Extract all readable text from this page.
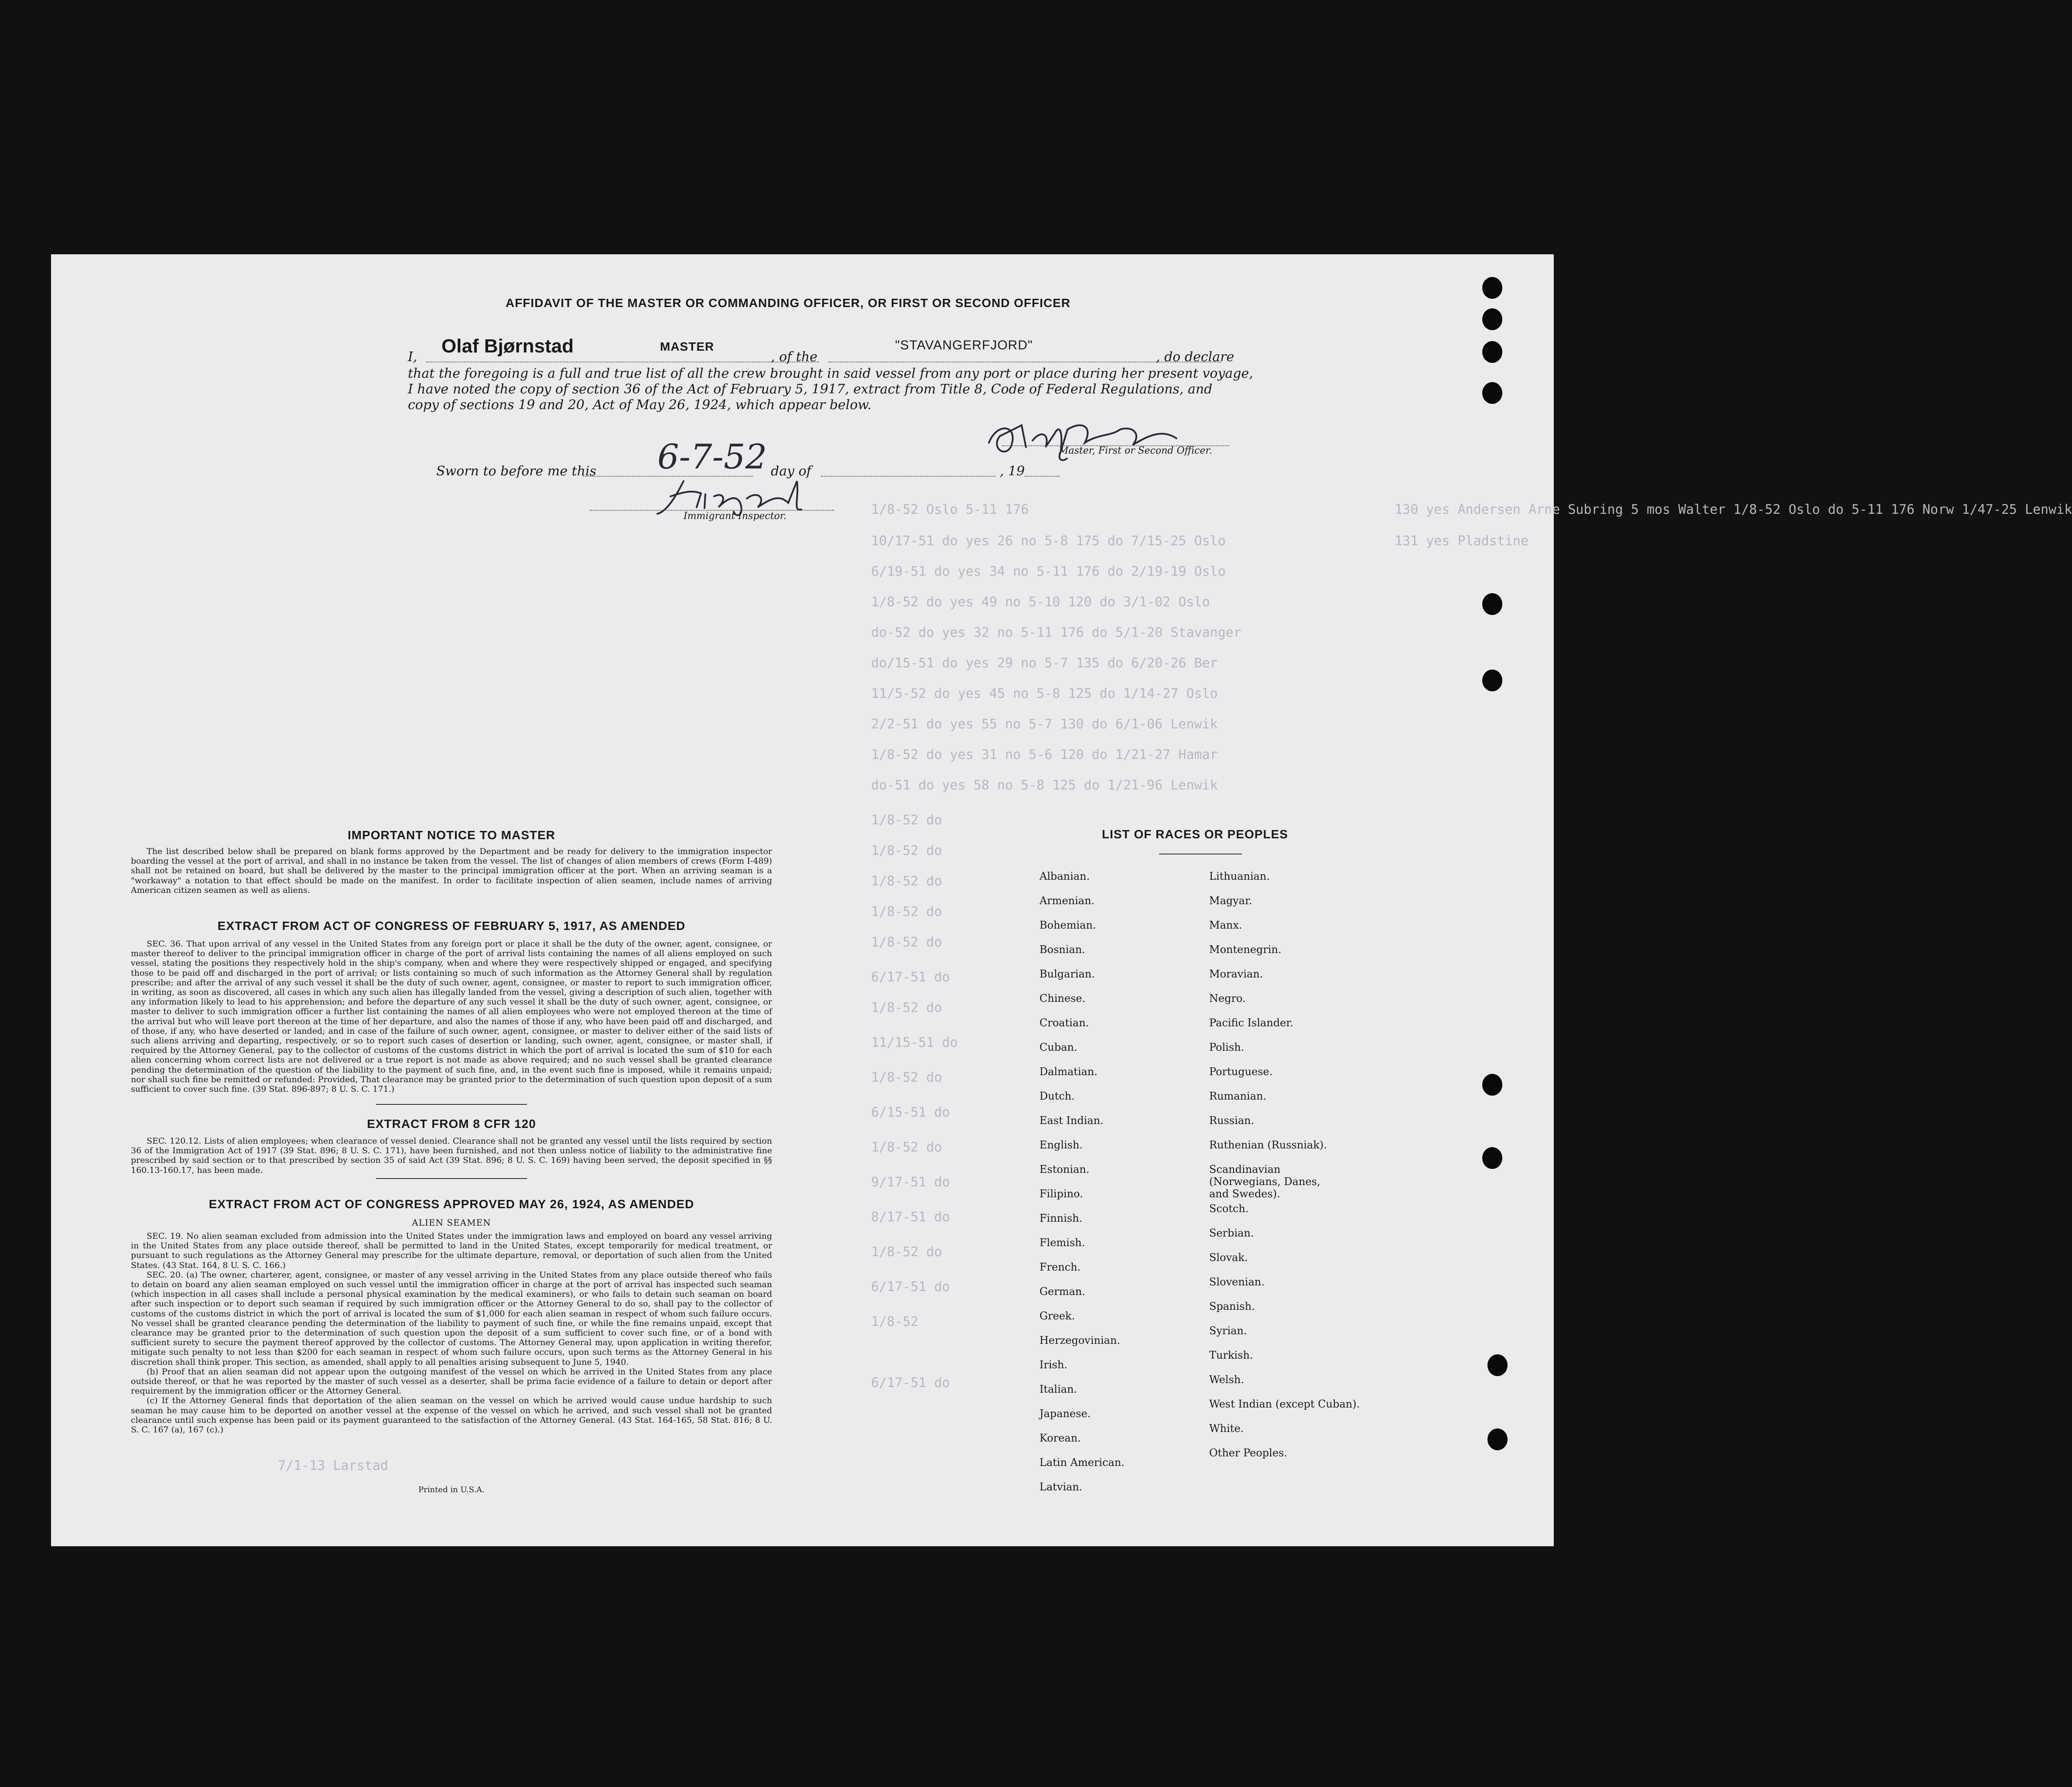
130 yes Andersen Arne Subring 5 mos Walter 1/8-52 Oslo do 5-11 176 Norw 1/47-25 Lenwik
131 yes Pladstine
1/8-52 Oslo 5-11 176
10/17-51 do yes 26 no 5-8 175 do 7/15-25 Oslo
6/19-51 do yes 34 no 5-11 176 do 2/19-19 Oslo
1/8-52 do yes 49 no 5-10 120 do 3/1-02 Oslo
do-52 do yes 32 no 5-11 176 do 5/1-20 Stavanger
do/15-51 do yes 29 no 5-7 135 do 6/20-26 Ber
11/5-52 do yes 45 no 5-8 125 do 1/14-27 Oslo
2/2-51 do yes 55 no 5-7 130 do 6/1-06 Lenwik
1/8-52 do yes 31 no 5-6 120 do 1/21-27 Hamar
do-51 do yes 58 no 5-8 125 do 1/21-96 Lenwik
1/8-52 do
1/8-52 do
1/8-52 do
1/8-52 do
1/8-52 do
6/17-51 do
1/8-52 do
11/15-51 do
1/8-52 do
6/15-51 do
1/8-52 do
9/17-51 do
8/17-51 do
1/8-52 do
6/17-51 do
1/8-52
6/17-51 do
7/1-13 Larstad
AFFIDAVIT OF THE MASTER OR COMMANDING OFFICER, OR FIRST OR SECOND OFFICER
I,
Olaf Bjørnstad	MASTER
, of the
"STAVANGERFJORD"
, do declare
that the foregoing is a full and true list of all the crew brought in said vessel from any port or place during her present voyage,
I have noted the copy of section 36 of the Act of February 5, 1917, extract from Title 8, Code of Federal Regulations, and
copy of sections 19 and 20, Act of May 26, 1924, which appear below.
Master, First or Second Officer.
Sworn to before me this 6-7-52 day of	, 19
Immigrant Inspector.
IMPORTANT NOTICE TO MASTER

The list described below shall be prepared on blank forms approved by the Department and be ready for delivery to the immigration inspector boarding the vessel at the port of arrival, and shall in no instance be taken from the vessel. The list of changes of alien members of crews (Form I-489) shall not be retained on board, but shall be delivered by the master to the principal immigration officer at the port. When an arriving seaman is a "workaway" a notation to that effect should be made on the manifest. In order to facilitate inspection of alien seamen, include names of arriving American citizen seamen as well as aliens.

EXTRACT FROM ACT OF CONGRESS OF FEBRUARY 5, 1917, AS AMENDED

SEC. 36. That upon arrival of any vessel in the United States from any foreign port or place it shall be the duty of the owner, agent, consignee, or master thereof to deliver to the principal immigration officer in charge of the port of arrival lists containing the names of all aliens employed on such vessel, stating the positions they respectively hold in the ship's company, when and where they were respectively shipped or engaged, and specifying those to be paid off and discharged in the port of arrival; or lists containing so much of such information as the Attorney General shall by regulation prescribe; and after the arrival of any such vessel it shall be the duty of such owner, agent, consignee, or master to report to such immigration officer, in writing, as soon as discovered, all cases in which any such alien has illegally landed from the vessel, giving a description of such alien, together with any information likely to lead to his apprehension; and before the departure of any such vessel it shall be the duty of such owner, agent, consignee, or master to deliver to such immigration officer a further list containing the names of all alien employees who were not employed thereon at the time of the arrival but who will leave port thereon at the time of her departure, and also the names of those if any, who have been paid off and discharged, and of those, if any, who have deserted or landed; and in case of the failure of such owner, agent, consignee, or master to deliver either of the said lists of such aliens arriving and departing, respectively, or so to report such cases of desertion or landing, such owner, agent, consignee, or master shall, if required by the Attorney General, pay to the collector of customs of the customs district in which the port of arrival is located the sum of $10 for each alien concerning whom correct lists are not delivered or a true report is not made as above required; and no such vessel shall be granted clearance pending the determination of the question of the liability to the payment of such fine, and, in the event such fine is imposed, while it remains unpaid; nor shall such fine be remitted or refunded: Provided, That clearance may be granted prior to the determination of such question upon deposit of a sum sufficient to cover such fine. (39 Stat. 896-897; 8 U. S. C. 171.)

EXTRACT FROM 8 CFR 120

SEC. 120.12. Lists of alien employees; when clearance of vessel denied. Clearance shall not be granted any vessel until the lists required by section 36 of the Immigration Act of 1917 (39 Stat. 896; 8 U. S. C. 171), have been furnished, and not then unless notice of liability to the administrative fine prescribed by said section or to that prescribed by section 35 of said Act (39 Stat. 896; 8 U. S. C. 169) having been served, the deposit specified in §§ 160.13-160.17, has been made.

EXTRACT FROM ACT OF CONGRESS APPROVED MAY 26, 1924, AS AMENDED
ALIEN SEAMEN

SEC. 19. No alien seaman excluded from admission into the United States under the immigration laws and employed on board any vessel arriving in the United States from any place outside thereof, shall be permitted to land in the United States, except temporarily for medical treatment, or pursuant to such regulations as the Attorney General may prescribe for the ultimate departure, removal, or deportation of such alien from the United States. (43 Stat. 164, 8 U. S. C. 166.)

SEC. 20. (a) The owner, charterer, agent, consignee, or master of any vessel arriving in the United States from any place outside thereof who fails to detain on board any alien seaman employed on such vessel until the immigration officer in charge at the port of arrival has inspected such seaman (which inspection in all cases shall include a personal physical examination by the medical examiners), or who fails to detain such seaman on board after such inspection or to deport such seaman if required by such immigration officer or the Attorney General to do so, shall pay to the collector of customs of the customs district in which the port of arrival is located the sum of $1,000 for each alien seaman in respect of whom such failure occurs. No vessel shall be granted clearance pending the determination of the liability to payment of such fine, or while the fine remains unpaid, except that clearance may be granted prior to the determination of such question upon the deposit of a sum sufficient to cover such fine, or of a bond with sufficient surety to secure the payment thereof approved by the collector of customs. The Attorney General may, upon application in writing therefor, mitigate such penalty to not less than $200 for each seaman in respect of whom such failure occurs, upon such terms as the Attorney General in his discretion shall think proper. This section, as amended, shall apply to all penalties arising subsequent to June 5, 1940.

(b) Proof that an alien seaman did not appear upon the outgoing manifest of the vessel on which he arrived in the United States from any place outside thereof, or that he was reported by the master of such vessel as a deserter, shall be prima facie evidence of a failure to detain or deport after requirement by the immigration officer or the Attorney General.

(c) If the Attorney General finds that deportation of the alien seaman on the vessel on which he arrived would cause undue hardship to such seaman he may cause him to be deported on another vessel at the expense of the vessel on which he arrived, and such vessel shall not be granted clearance until such expense has been paid or its payment guaranteed to the satisfaction of the Attorney General. (43 Stat. 164-165, 58 Stat. 816; 8 U. S. C. 167 (a), 167 (c).)

Printed in U.S.A.
LIST OF RACES OR PEOPLES
Albanian.
Armenian.
Bohemian.
Bosnian.
Bulgarian.
Chinese.
Croatian.
Cuban.
Dalmatian.
Dutch.
East Indian.
English.
Estonian.
Filipino.
Finnish.
Flemish.
French.
German.
Greek.
Herzegovinian.
Irish.
Italian.
Japanese.
Korean.
Latin American.
Latvian.
Lithuanian.
Magyar.
Manx.
Montenegrin.
Moravian.
Negro.
Pacific Islander.
Polish.
Portuguese.
Rumanian.
Russian.
Ruthenian (Russniak).
Scandinavian (Norwegians, Danes, and Swedes).
Scotch.
Serbian.
Slovak.
Slovenian.
Spanish.
Syrian.
Turkish.
Welsh.
West Indian (except Cuban).
White.
Other Peoples.
